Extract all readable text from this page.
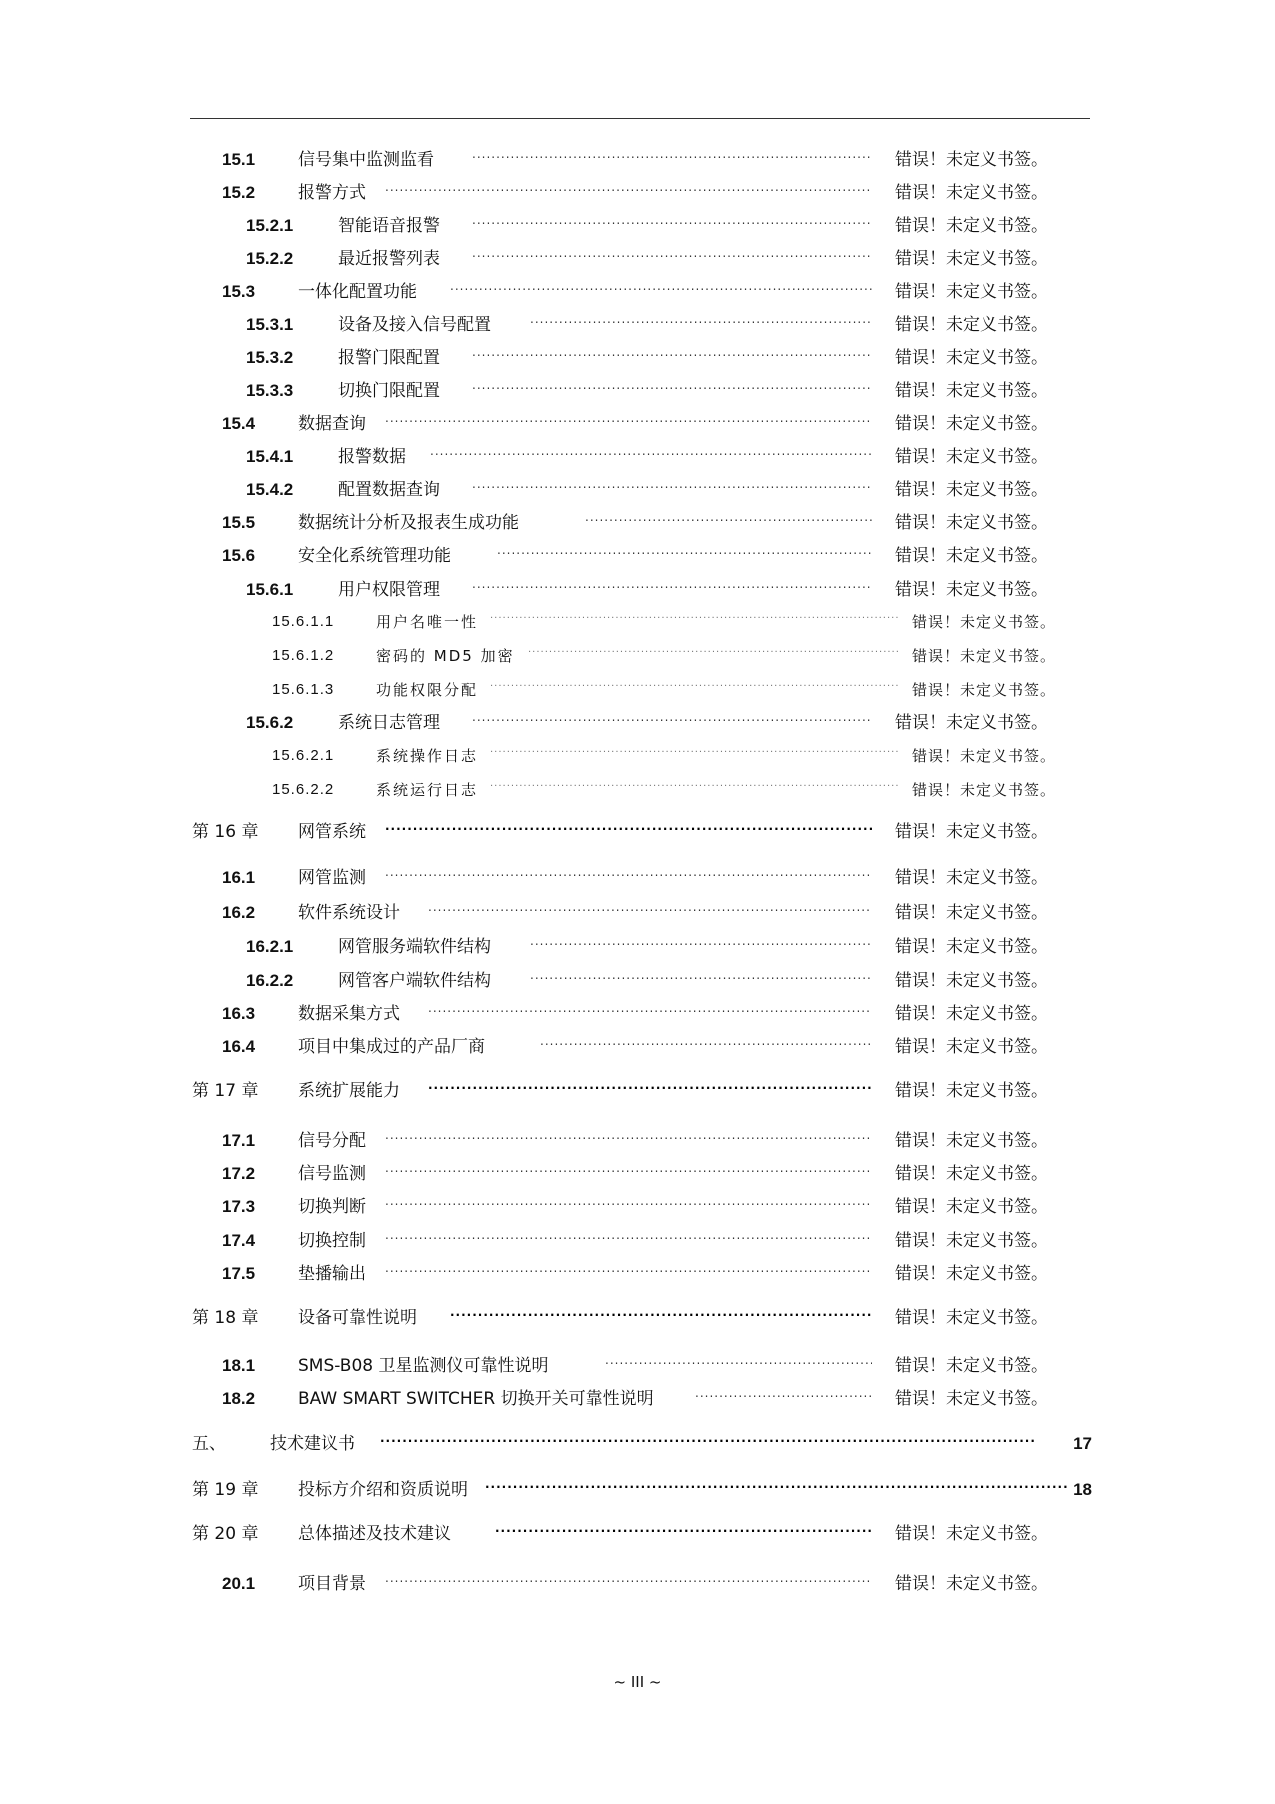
15.1	信号集中监测监看 .....	错误！未定义书签。
15.2	报警方式 .....	错误！未定义书签。
15.2.1	智能语音报警 .....	错误！未定义书签。
15.2.2	最近报警列表 .....	错误！未定义书签。
15.3	一体化配置功能 .....	错误！未定义书签。
15.3.1	设备及接入信号配置 .....	错误！未定义书签。
15.3.2	报警门限配置 .....	错误！未定义书签。
15.3.3	切换门限配置 .....	错误！未定义书签。
15.4	数据查询 .....	错误！未定义书签。
15.4.1	报警数据 .....	错误！未定义书签。
15.4.2	配置数据查询 .....	错误！未定义书签。
15.5	数据统计分析及报表生成功能 .....	错误！未定义书签。
15.6	安全化系统管理功能 .....	错误！未定义书签。
15.6.1	用户权限管理 .....	错误！未定义书签。
15.6.1.1	用户名唯一性 .....	错误！未定义书签。
15.6.1.2	密码的 MD5 加密 .....	错误！未定义书签。
15.6.1.3	功能权限分配 .....	错误！未定义书签。
15.6.2	系统日志管理 .....	错误！未定义书签。
15.6.2.1	系统操作日志 .....	错误！未定义书签。
15.6.2.2	系统运行日志 .....	错误！未定义书签。
第 16 章 网管系统 .....	错误！未定义书签。
16.1	网管监测 .....	错误！未定义书签。
16.2	软件系统设计 .....	错误！未定义书签。
16.2.1	网管服务端软件结构 .....	错误！未定义书签。
16.2.2	网管客户端软件结构 .....	错误！未定义书签。
16.3	数据采集方式 .....	错误！未定义书签。
16.4	项目中集成过的产品厂商 .....	错误！未定义书签。
第 17 章 系统扩展能力 .....	错误！未定义书签。
17.1	信号分配 .....	错误！未定义书签。
17.2	信号监测 .....	错误！未定义书签。
17.3	切换判断 .....	错误！未定义书签。
17.4	切换控制 .....	错误！未定义书签。
17.5	垫播输出 .....	错误！未定义书签。
第 18 章 设备可靠性说明 .....	错误！未定义书签。
18.1	SMS-B08 卫星监测仪可靠性说明 .....	错误！未定义书签。
18.2	BAW SMART SWITCHER 切换开关可靠性说明 .....	错误！未定义书签。
五、	技术建议书 .....	17
第 19 章 投标方介绍和资质说明 .....	18
第 20 章 总体描述及技术建议 .....	错误！未定义书签。
20.1	项目背景 .....	错误！未定义书签。
~ III ~
